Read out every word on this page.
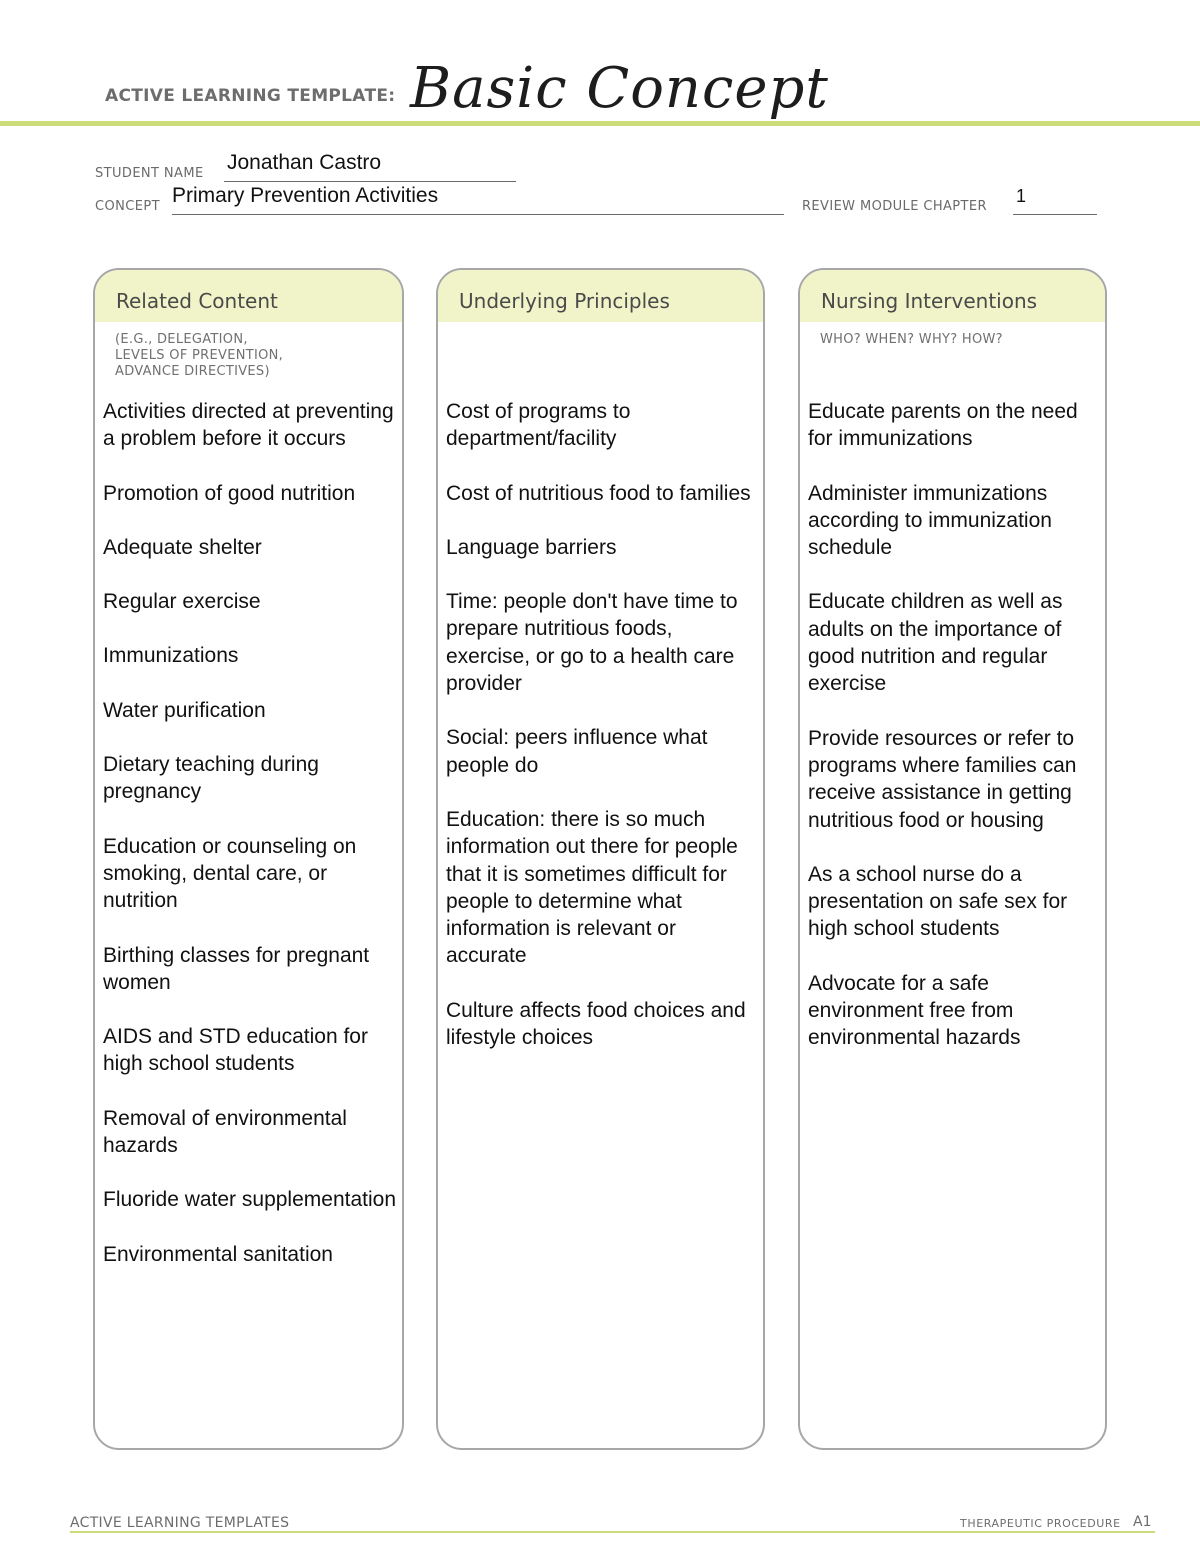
ACTIVE LEARNING TEMPLATE: Basic Concept
STUDENT NAME Jonathan Castro
CONCEPT Primary Prevention Activities	REVIEW MODULE CHAPTER
1
Related Content
(E.G., DELEGATION,
LEVELS OF PREVENTION,
ADVANCE DIRECTIVES)
Activities directed at preventing a problem before it occurs
Promotion of good nutrition
Adequate shelter
Regular exercise
Immunizations
Water purification
Dietary teaching during pregnancy
Education or counseling on smoking, dental care, or nutrition
Birthing classes for pregnant women
AIDS and STD education for high school students
Removal of environmental hazards
Fluoride water supplementation
Environmental sanitation
Underlying Principles
Cost of programs to department/facility
Cost of nutritious food to families
Language barriers
Time: people don't have time to prepare nutritious foods, exercise, or go to a health care provider
Social: peers influence what people do
Education: there is so much information out there for people that it is sometimes difficult for people to determine what information is relevant or accurate
Culture affects food choices and lifestyle choices
Nursing Interventions
WHO? WHEN? WHY? HOW?
Educate parents on the need for immunizations
Administer immunizations according to immunization schedule
Educate children as well as adults on the importance of good nutrition and regular exercise
Provide resources or refer to programs where families can receive assistance in getting nutritious food or housing
As a school nurse do a presentation on safe sex for high school students
Advocate for a safe environment free from environmental hazards
ACTIVE LEARNING TEMPLATES	THERAPEUTIC PROCEDURE A1
